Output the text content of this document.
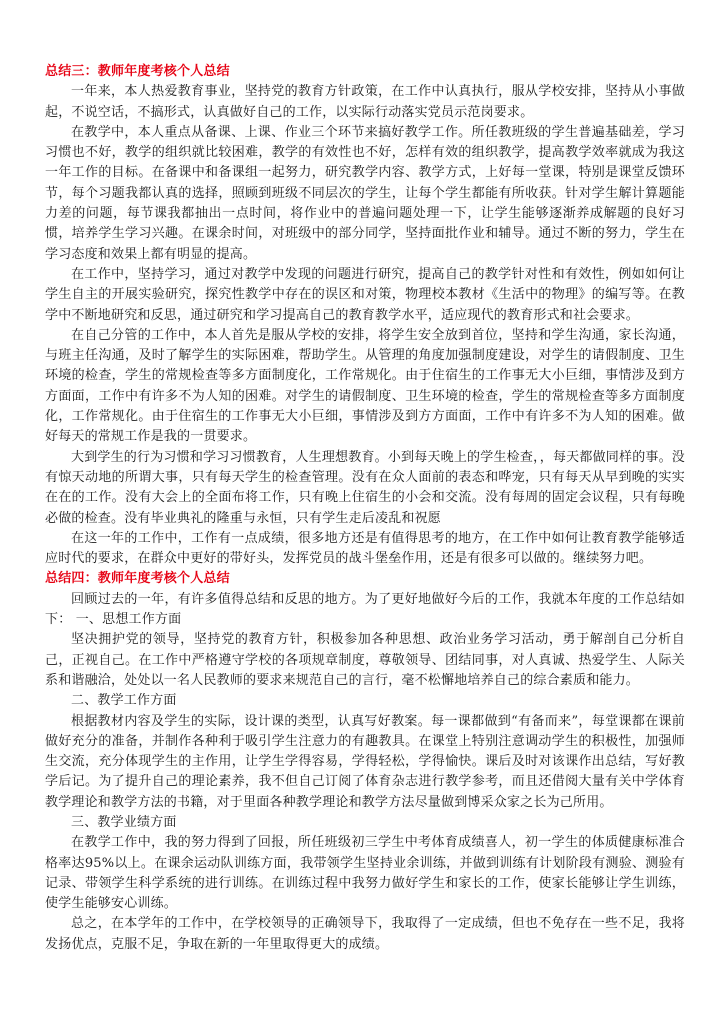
总结三：教师年度考核个人总结

一年来，本人热爱教育事业，坚持党的教育方针政策，在工作中认真执行，服从学校安排，坚持从小事做起，不说空话，不搞形式，认真做好自己的工作，以实际行动落实党员示范岗要求。

在教学中，本人重点从备课、上课、作业三个环节来搞好教学工作。所任教班级的学生普遍基础差，学习习惯也不好，教学的组织就比较困难，教学的有效性也不好，怎样有效的组织教学，提高教学效率就成为我这一年工作的目标。在备课中和备课组一起努力，研究教学内容、教学方式，上好每一堂课，特别是课堂反馈环节，每个习题我都认真的选择，照顾到班级不同层次的学生，让每个学生都能有所收获。针对学生解计算题能力差的问题，每节课我都抽出一点时间，将作业中的普遍问题处理一下，让学生能够逐渐养成解题的良好习惯，培养学生学习兴趣。在课余时间，对班级中的部分同学，坚持面批作业和辅导。通过不断的努力，学生在学习态度和效果上都有明显的提高。

在工作中，坚持学习，通过对教学中发现的问题进行研究，提高自己的教学针对性和有效性，例如如何让学生自主的开展实验研究，探究性教学中存在的误区和对策，物理校本教材《生活中的物理》的编写等。在教学中不断地研究和反思，通过研究和学习提高自己的教育教学水平，适应现代的教育形式和社会要求。

在自己分管的工作中，本人首先是服从学校的安排，将学生安全放到首位，坚持和学生沟通，家长沟通，与班主任沟通，及时了解学生的实际困难，帮助学生。从管理的角度加强制度建设，对学生的请假制度、卫生环境的检查，学生的常规检查等多方面制度化，工作常规化。由于住宿生的工作事无大小巨细，事情涉及到方方面面，工作中有许多不为人知的困难。对学生的请假制度、卫生环境的检查，学生的常规检查等多方面制度化，工作常规化。由于住宿生的工作事无大小巨细，事情涉及到方方面面，工作中有许多不为人知的困难。做好每天的常规工作是我的一贯要求。

大到学生的行为习惯和学习习惯教育，人生理想教育。小到每天晚上的学生检查，，每天都做同样的事。没有惊天动地的所谓大事，只有每天学生的检查管理。没有在众人面前的表态和哗宠，只有每天从早到晚的实实在在的工作。没有大会上的全面布将工作，只有晚上住宿生的小会和交流。没有每周的固定会议程，只有每晚必做的检查。没有毕业典礼的隆重与永恒，只有学生走后凌乱和祝愿

在这一年的工作中，工作有一点成绩，很多地方还是有值得思考的地方，在工作中如何让教育教学能够适应时代的要求，在群众中更好的带好头，发挥党员的战斗堡垒作用，还是有很多可以做的。继续努力吧。

总结四：教师年度考核个人总结

回顾过去的一年，有许多值得总结和反思的地方。为了更好地做好今后的工作，我就本年度的工作总结如下： 一、思想工作方面

坚决拥护党的领导，坚持党的教育方针，积极参加各种思想、政治业务学习活动，勇于解剖自己分析自己，正视自己。在工作中严格遵守学校的各项规章制度，尊敬领导、团结同事，对人真诚、热爱学生、人际关系和谐融洽，处处以一名人民教师的要求来规范自己的言行，毫不松懈地培养自己的综合素质和能力。

二、教学工作方面

根据教材内容及学生的实际，设计课的类型，认真写好教案。每一课都做到“有备而来”，每堂课都在课前做好充分的准备，并制作各种利于吸引学生注意力的有趣教具。在课堂上特别注意调动学生的积极性，加强师生交流，充分体现学生的主作用，让学生学得容易，学得轻松，学得愉快。课后及时对该课作出总结，写好教学后记。为了提升自己的理论素养，我不但自己订阅了体育杂志进行教学参考，而且还借阅大量有关中学体育教学理论和教学方法的书籍，对于里面各种教学理论和教学方法尽量做到博采众家之长为己所用。

三、教学业绩方面

在教学工作中，我的努力得到了回报，所任班级初三学生中考体育成绩喜人，初一学生的体质健康标准合格率达95%以上。在课余运动队训练方面，我带领学生坚持业余训练，并做到训练有计划阶段有测验、测验有记录、带领学生科学系统的进行训练。在训练过程中我努力做好学生和家长的工作，使家长能够让学生训练，使学生能够安心训练。

总之，在本学年的工作中，在学校领导的正确领导下，我取得了一定成绩，但也不免存在一些不足，我将发扬优点，克服不足，争取在新的一年里取得更大的成绩。
